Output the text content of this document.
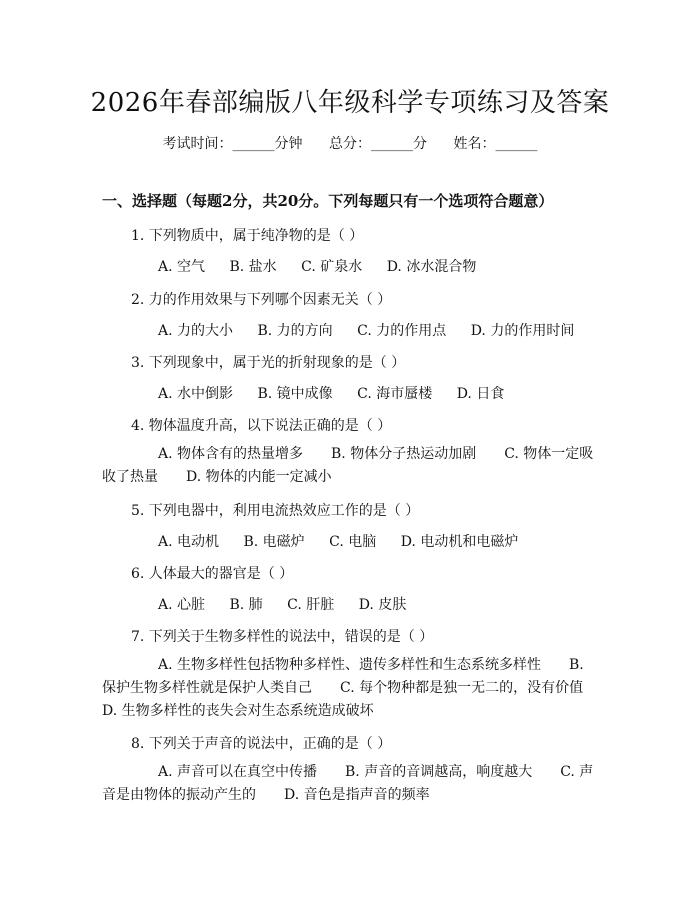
2026年春部编版八年级科学专项练习及答案
考试时间：______分钟 总分：______分 姓名：______
一、选择题（每题2分，共20分。下列每题只有一个选项符合题意）
1. 下列物质中，属于纯净物的是（ ）
A. 空气 B. 盐水 C. 矿泉水 D. 冰水混合物
2. 力的作用效果与下列哪个因素无关（ ）
A. 力的大小 B. 力的方向 C. 力的作用点 D. 力的作用时间
3. 下列现象中，属于光的折射现象的是（ ）
A. 水中倒影 B. 镜中成像 C. 海市蜃楼 D. 日食
4. 物体温度升高，以下说法正确的是（ ）
A. 物体含有的热量增多　　B. 物体分子热运动加剧　　C. 物体一定吸收了热量　　D. 物体的内能一定减小
5. 下列电器中，利用电流热效应工作的是（ ）
A. 电动机 B. 电磁炉 C. 电脑 D. 电动机和电磁炉
6. 人体最大的器官是（ ）
A. 心脏 B. 肺 C. 肝脏 D. 皮肤
7. 下列关于生物多样性的说法中，错误的是（ ）
A. 生物多样性包括物种多样性、遗传多样性和生态系统多样性　　B. 保护生物多样性就是保护人类自己　　C. 每个物种都是独一无二的，没有价值　　D. 生物多样性的丧失会对生态系统造成破坏
8. 下列关于声音的说法中，正确的是（ ）
A. 声音可以在真空中传播　　B. 声音的音调越高，响度越大　　C. 声音是由物体的振动产生的　　D. 音色是指声音的频率
